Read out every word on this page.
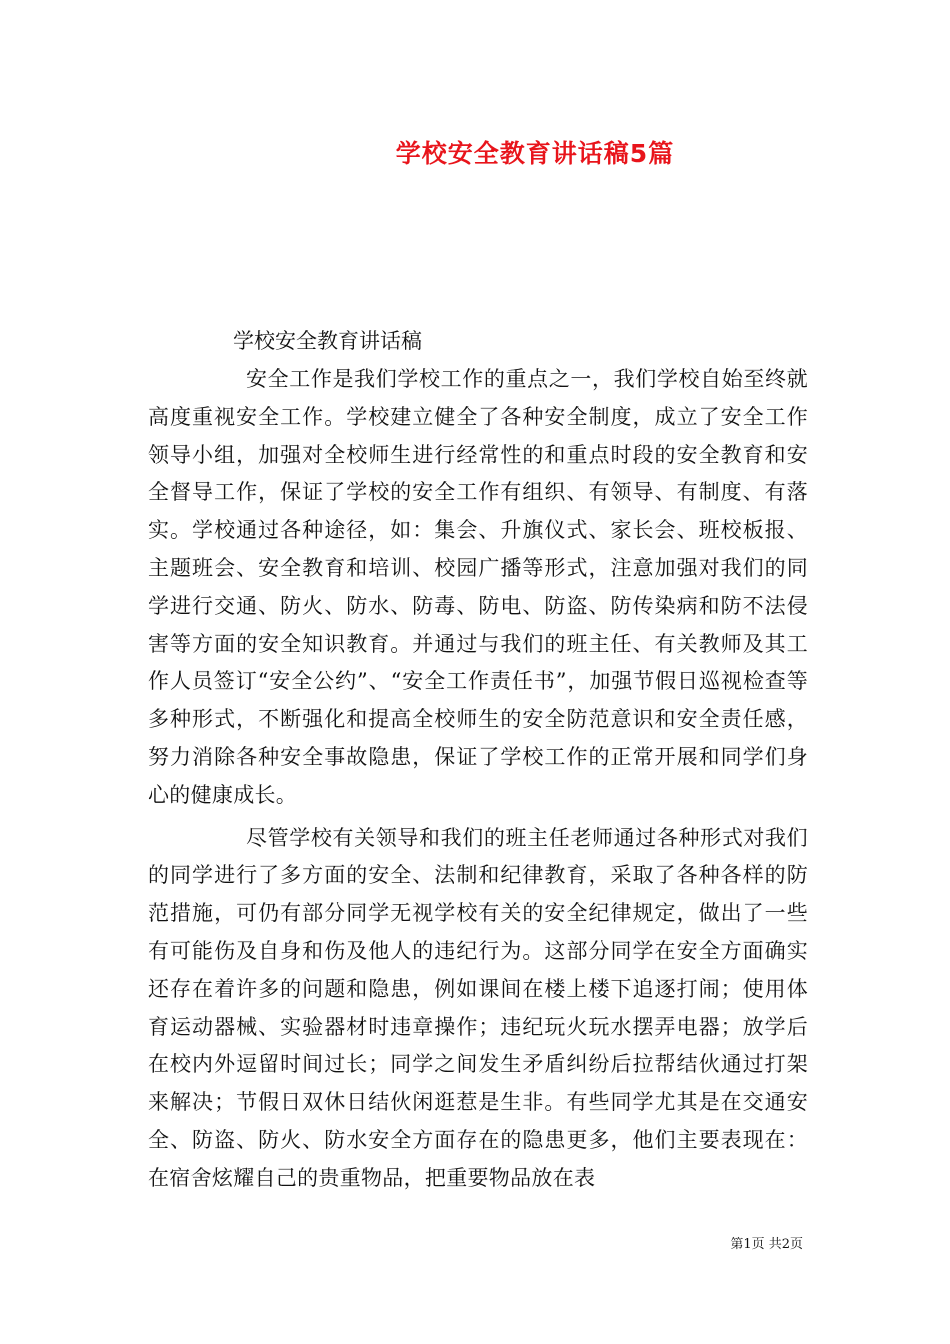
学校安全教育讲话稿5篇
学校安全教育讲话稿

安全工作是我们学校工作的重点之一，我们学校自始至终就高度重视安全工作。学校建立健全了各种安全制度，成立了安全工作领导小组，加强对全校师生进行经常性的和重点时段的安全教育和安全督导工作，保证了学校的安全工作有组织、有领导、有制度、有落实。学校通过各种途径，如：集会、升旗仪式、家长会、班校板报、主题班会、安全教育和培训、校园广播等形式，注意加强对我们的同学进行交通、防火、防水、防毒、防电、防盗、防传染病和防不法侵害等方面的安全知识教育。并通过与我们的班主任、有关教师及其工作人员签订“安全公约”、“安全工作责任书”，加强节假日巡视检查等多种形式，不断强化和提高全校师生的安全防范意识和安全责任感，努力消除各种安全事故隐患，保证了学校工作的正常开展和同学们身心的健康成长。

尽管学校有关领导和我们的班主任老师通过各种形式对我们的同学进行了多方面的安全、法制和纪律教育，采取了各种各样的防范措施，可仍有部分同学无视学校有关的安全纪律规定，做出了一些有可能伤及自身和伤及他人的违纪行为。这部分同学在安全方面确实还存在着许多的问题和隐患，例如课间在楼上楼下追逐打闹；使用体育运动器械、实验器材时违章操作；违纪玩火玩水摆弄电器；放学后在校内外逗留时间过长；同学之间发生矛盾纠纷后拉帮结伙通过打架来解决；节假日双休日结伙闲逛惹是生非。有些同学尤其是在交通安全、防盗、防火、防水安全方面存在的隐患更多，他们主要表现在：在宿舍炫耀自己的贵重物品，把重要物品放在表

第1页 共2页
